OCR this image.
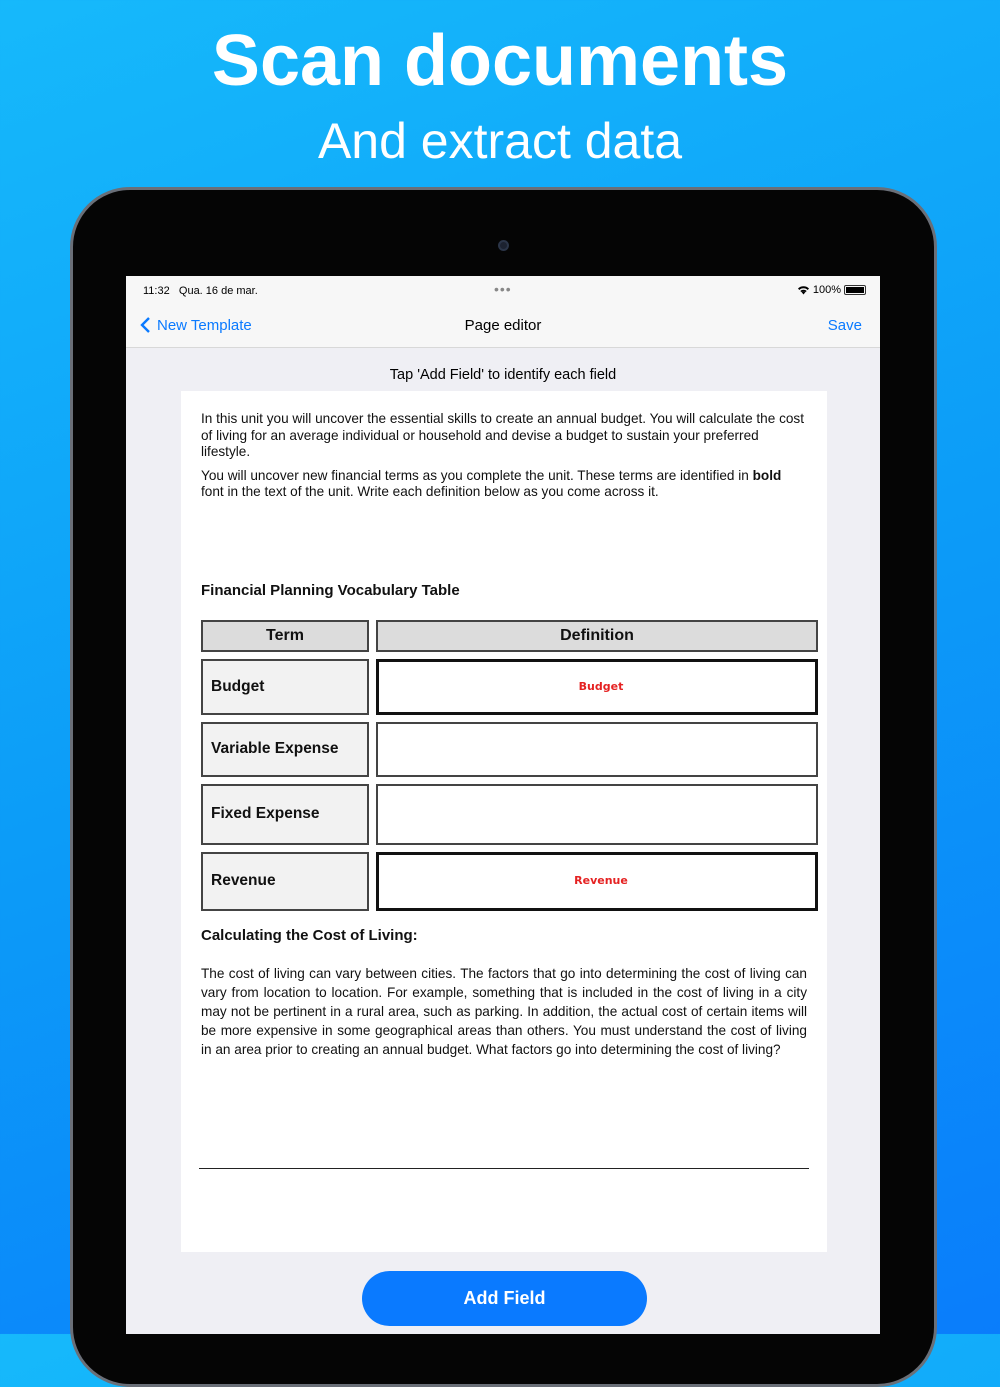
Scan documents
And extract data
11:32 Qua. 16 de mar.	•••	100%
New Template	Page editor	Save
Tap 'Add Field' to identify each field

In this unit you will uncover the essential skills to create an annual budget. You will calculate the cost of living for an average individual or household and devise a budget to sustain your preferred lifestyle.

You will uncover new financial terms as you complete the unit. These terms are identified in bold font in the text of the unit. Write each definition below as you come across it.

Financial Planning Vocabulary Table
Term	Definition
Budget	Budget
Variable Expense	
Fixed Expense	
Revenue	Revenue
Calculating the Cost of Living:
The cost of living can vary between cities. The factors that go into determining the cost of living can vary from location to location. For example, something that is included in the cost of living in a city may not be pertinent in a rural area, such as parking. In addition, the actual cost of certain items will be more expensive in some geographical areas than others. You must understand the cost of living in an area prior to creating an annual budget. What factors go into determining the cost of living?
Add Field
